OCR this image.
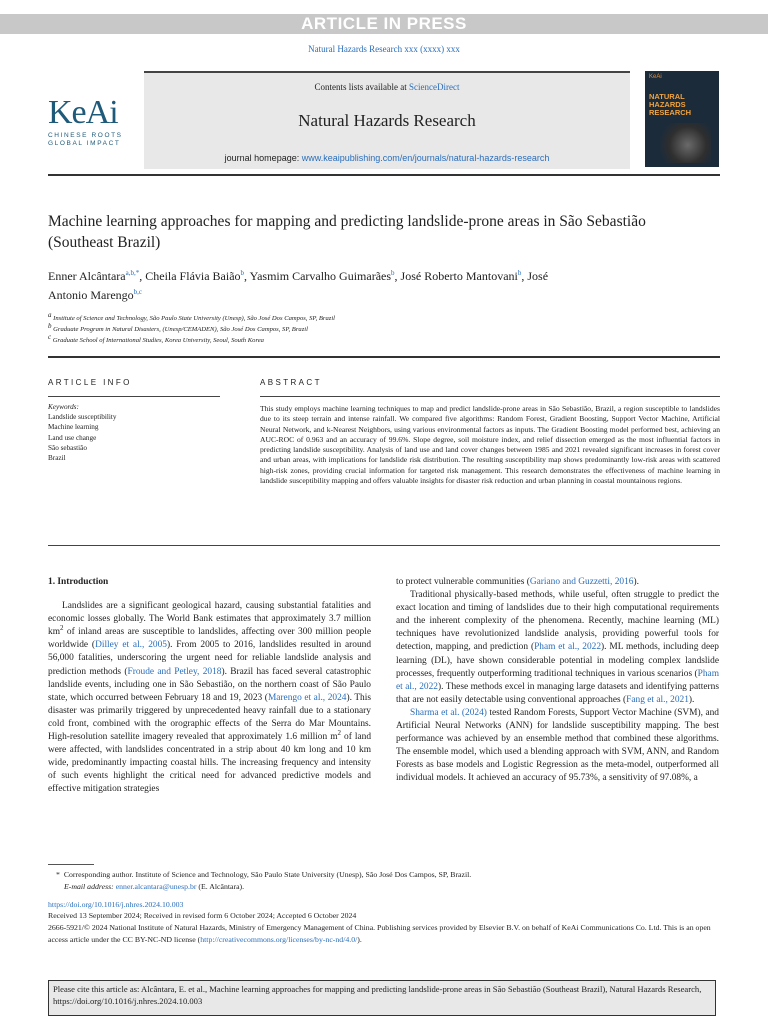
ARTICLE IN PRESS
Natural Hazards Research xxx (xxxx) xxx
KeAi
CHINESE ROOTS
GLOBAL IMPACT
Contents lists available at ScienceDirect
Natural Hazards Research
journal homepage: www.keaipublishing.com/en/journals/natural-hazards-research
KeAi
NATURAL
HAZARDS
RESEARCH
Machine learning approaches for mapping and predicting landslide-prone areas in São Sebastião (Southeast Brazil)
Enner Alcântara$^{a,b,*}$, Cheila Flávia Baião$^b$, Yasmim Carvalho Guimarães$^b$, José Roberto Mantovani$^b$, José Antonio Marengo$^{b,c}$
$^a$ Institute of Science and Technology, São Paulo State University (Unesp), São José Dos Campos, SP, Brazil
$^b$ Graduate Program in Natural Disasters, (Unesp/CEMADEN), São José Dos Campos, SP, Brazil
$^c$ Graduate School of International Studies, Korea University, Seoul, South Korea
ARTICLE INFO
Keywords:
Landslide susceptibility
Machine learning
Land use change
São sebastião
Brazil
ABSTRACT
This study employs machine learning techniques to map and predict landslide-prone areas in São Sebastião, Brazil, a region susceptible to landslides due to its steep terrain and intense rainfall. We compared five algorithms: Random Forest, Gradient Boosting, Support Vector Machine, Artificial Neural Network, and k-Nearest Neighbors, using various environmental factors as inputs. The Gradient Boosting model performed best, achieving an AUC-ROC of 0.963 and an accuracy of 99.6%. Slope degree, soil moisture index, and relief dissection emerged as the most influential factors in predicting landslide susceptibility. Analysis of land use and land cover changes between 1985 and 2021 revealed significant increases in forest cover and urban areas, with implications for landslide risk distribution. The resulting susceptibility map shows predominantly low-risk areas with scattered high-risk zones, providing crucial information for targeted risk management. This research demonstrates the effectiveness of machine learning in landslide susceptibility mapping and offers valuable insights for disaster risk reduction and urban planning in coastal mountainous regions.
1. Introduction

Landslides are a significant geological hazard, causing substantial fatalities and economic losses globally. The World Bank estimates that approximately 3.7 million $km^2$ of inland areas are susceptible to landslides, affecting over 300 million people worldwide (Dilley et al., 2005). From 2005 to 2016, landslides resulted in around 56,000 fatalities, underscoring the urgent need for reliable landslide analysis and prediction methods (Froude and Petley, 2018). Brazil has faced several catastrophic landslide events, including one in São Sebastião, on the northern coast of São Paulo state, which occurred between February 18 and 19, 2023 (Marengo et al., 2024). This disaster was primarily triggered by unprecedented heavy rainfall due to a stationary cold front, combined with the orographic effects of the Serra do Mar Mountains. High-resolution satellite imagery revealed that approximately 1.6 million $m^2$ of land were affected, with landslides concentrated in a strip about 40 km long and 10 km wide, predominantly impacting coastal hills. The increasing frequency and intensity of such events highlight the critical need for advanced predictive models and effective mitigation strategies

to protect vulnerable communities (Gariano and Guzzetti, 2016).

Traditional physically-based methods, while useful, often struggle to predict the exact location and timing of landslides due to their high computational requirements and the inherent complexity of the phenomena. Recently, machine learning (ML) techniques have revolutionized landslide analysis, providing powerful tools for detection, mapping, and prediction (Pham et al., 2022). ML methods, including deep learning (DL), have shown considerable potential in modeling complex landslide processes, frequently outperforming traditional techniques in various scenarios (Pham et al., 2022). These methods excel in managing large datasets and identifying patterns that are not easily detectable using conventional approaches (Fang et al., 2021).

Sharma et al. (2024) tested Random Forests, Support Vector Machine (SVM), and Artificial Neural Networks (ANN) for landslide susceptibility mapping. The best performance was achieved by an ensemble method that combined these algorithms. The ensemble model, which used a blending approach with SVM, ANN, and Random Forests as base models and Logistic Regression as the meta-model, outperformed all individual models. It achieved an accuracy of 95.73%, a sensitivity of 97.08%, a

* Corresponding author. Institute of Science and Technology, São Paulo State University (Unesp), São José Dos Campos, SP, Brazil.
E-mail address: enner.alcantara@unesp.br (E. Alcântara).
https://doi.org/10.1016/j.nhres.2024.10.003
Received 13 September 2024; Received in revised form 6 October 2024; Accepted 6 October 2024
2666-5921/© 2024 National Institute of Natural Hazards, Ministry of Emergency Management of China. Publishing services provided by Elsevier B.V. on behalf of KeAi Communications Co. Ltd. This is an open access article under the CC BY-NC-ND license (http://creativecommons.org/licenses/by-nc-nd/4.0/).
Please cite this article as: Alcântara, E. et al., Machine learning approaches for mapping and predicting landslide-prone areas in São Sebastião (Southeast Brazil), Natural Hazards Research, https://doi.org/10.1016/j.nhres.2024.10.003
